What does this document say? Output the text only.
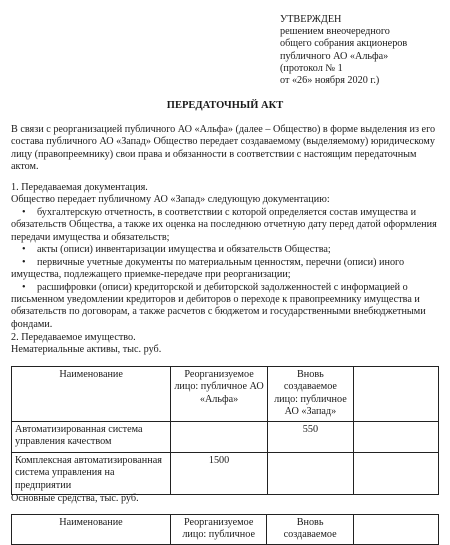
УТВЕРЖДЕН
решением внеочередного
общего собрания акционеров
публичного АО «Альфа»
(протокол № 1
от «26» ноября 2020 г.)
ПЕРЕДАТОЧНЫЙ АКТ
В связи с реорганизацией публичного АО «Альфа» (далее – Общество) в форме выделения из его состава публичного АО «Запад» Общество передает создаваемому (выделяемому) юридическому лицу (правопреемнику) свои права и обязанности в соответствии с настоящим передаточным актом.
1. Передаваемая документация.
Общество передает публичному АО «Запад» следующую документацию:
• бухгалтерскую отчетность, в соответствии с которой определяется состав имущества и обязательств Общества, а также их оценка на последнюю отчетную дату перед датой оформления передачи имущества и обязательств;
• акты (описи) инвентаризации имущества и обязательств Общества;
• первичные учетные документы по материальным ценностям, перечни (описи) иного имущества, подлежащего приемке-передаче при реорганизации;
• расшифровки (описи) кредиторской и дебиторской задолженностей с информацией о письменном уведомлении кредиторов и дебиторов о переходе к правопреемнику имущества и обязательств по договорам, а также расчетов с бюджетом и государственными внебюджетными фондами.
2. Передаваемое имущество.
Нематериальные активы, тыс. руб.
Наименование	Реорганизуемое лицо: публичное АО «Альфа»	Вновь создаваемое лицо: публичное АО «Запад»	
Автоматизированная система управления качеством		550	
Комплексная автоматизированная система управления на предприятии	1500		
Основные средства, тыс. руб.
Наименование	Реорганизуемое лицо: публичное	Вновь создаваемое	
